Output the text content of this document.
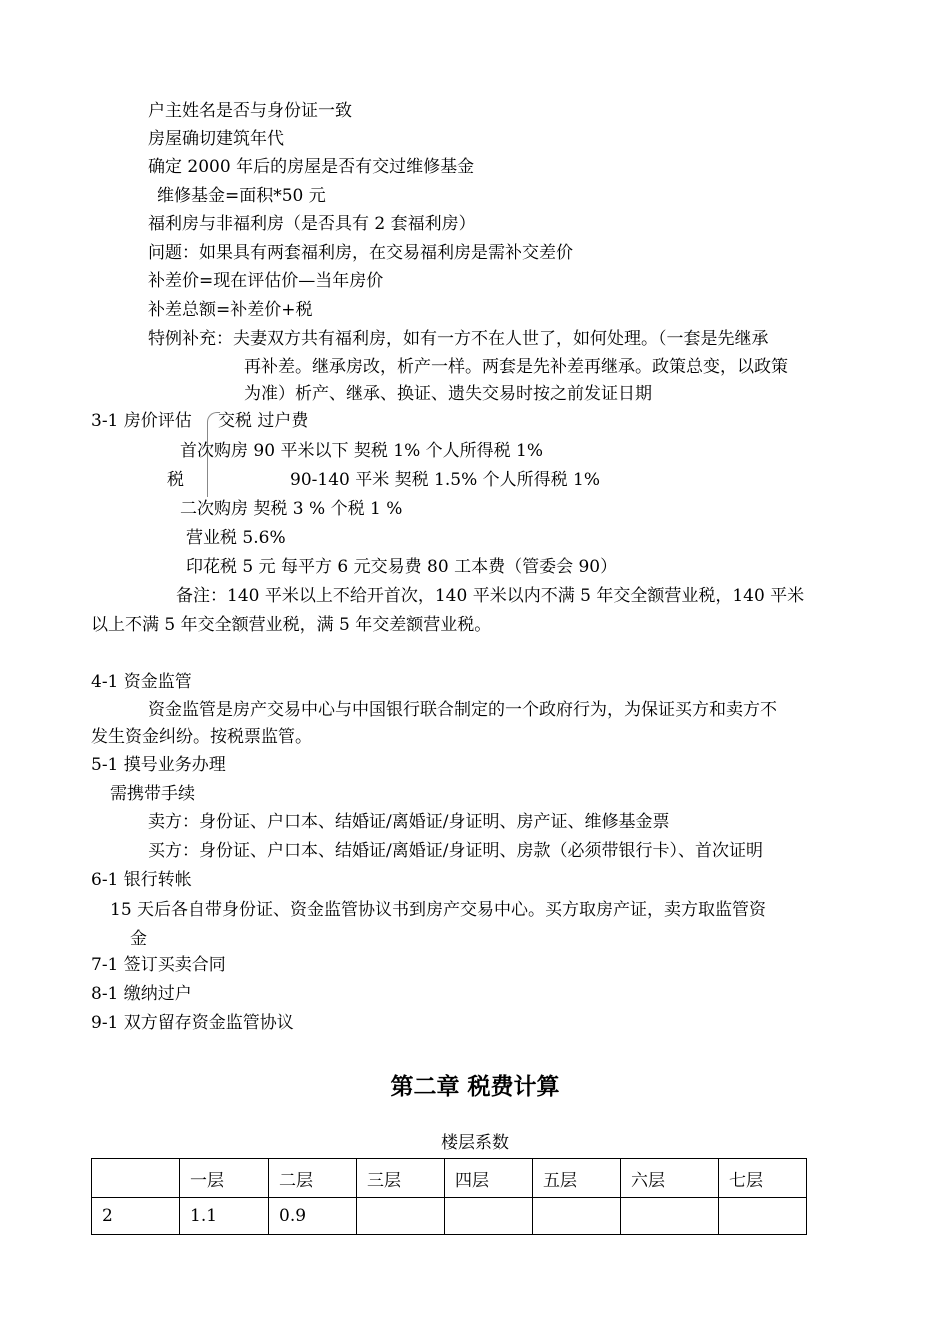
户主姓名是否与身份证一致
房屋确切建筑年代
确定 2000 年后的房屋是否有交过维修基金
维修基金=面积*50 元
福利房与非福利房（是否具有 2 套福利房）
问题：如果具有两套福利房，在交易福利房是需补交差价
补差价=现在评估价—当年房价
补差总额=补差价+税
特例补充：夫妻双方共有福利房，如有一方不在人世了，如何处理。（一套是先继承
再补差。继承房改，析产一样。两套是先补差再继承。政策总变，以政策
为准）析产、继承、换证、遗失交易时按之前发证日期
3-1 房价评估 交税 过户费
首次购房 90 平米以下 契税 1% 个人所得税 1%
税	90-140 平米 契税 1.5% 个人所得税 1%
二次购房 契税 3 % 个税 1 %
营业税 5.6%
印花税 5 元 每平方 6 元交易费 80 工本费（管委会 90）
备注：140 平米以上不给开首次，140 平米以内不满 5 年交全额营业税，140 平米
以上不满 5 年交全额营业税，满 5 年交差额营业税。
4-1 资金监管
资金监管是房产交易中心与中国银行联合制定的一个政府行为，为保证买方和卖方不
发生资金纠纷。按税票监管。
5-1 摸号业务办理
需携带手续
卖方：身份证、户口本、结婚证/离婚证/身证明、房产证、维修基金票
买方：身份证、户口本、结婚证/离婚证/身证明、房款（必须带银行卡）、首次证明
6-1 银行转帐
15 天后各自带身份证、资金监管协议书到房产交易中心。买方取房产证，卖方取监管资
金
7-1 签订买卖合同
8-1 缴纳过户
9-1 双方留存资金监管协议
第二章 税费计算
楼层系数
	一层	二层	三层	四层	五层	六层	七层
2	1.1	0.9					
